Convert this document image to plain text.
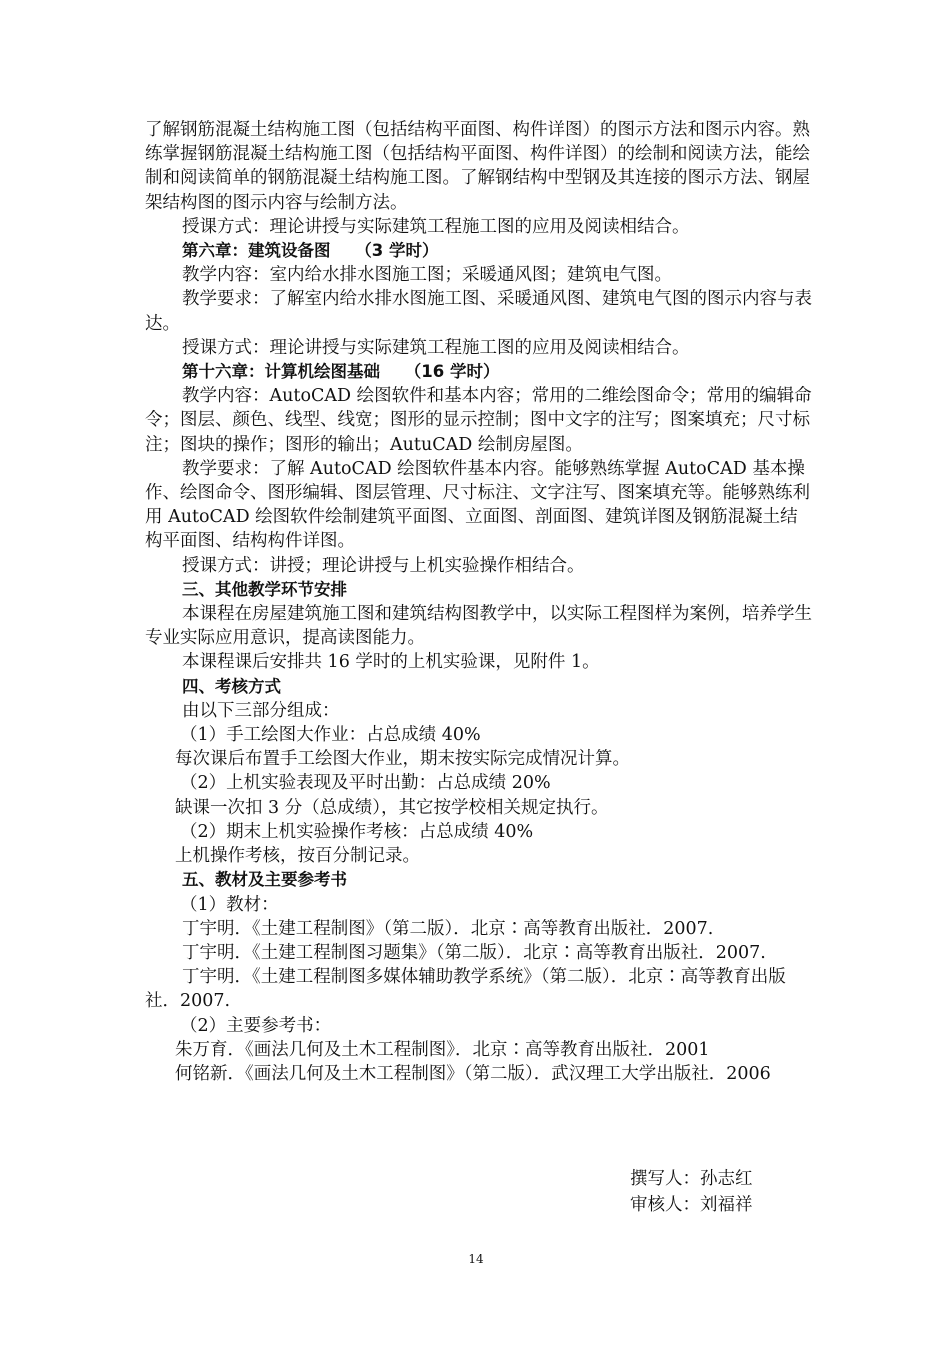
了解钢筋混凝土结构施工图（包括结构平面图、构件详图）的图示方法和图示内容。熟练掌握钢筋混凝土结构施工图（包括结构平面图、构件详图）的绘制和阅读方法，能绘制和阅读简单的钢筋混凝土结构施工图。了解钢结构中型钢及其连接的图示方法、钢屋架结构图的图示内容与绘制方法。

授课方式：理论讲授与实际建筑工程施工图的应用及阅读相结合。

第六章：建筑设备图　　（3 学时）

教学内容：室内给水排水图施工图；采暖通风图；建筑电气图。

教学要求：了解室内给水排水图施工图、采暖通风图、建筑电气图的图示内容与表达。

授课方式：理论讲授与实际建筑工程施工图的应用及阅读相结合。

第十六章：计算机绘图基础　　（16 学时）

教学内容：AutoCAD 绘图软件和基本内容；常用的二维绘图命令；常用的编辑命令；图层、颜色、线型、线宽；图形的显示控制；图中文字的注写；图案填充；尺寸标注；图块的操作；图形的输出；AutuCAD 绘制房屋图。

教学要求：了解 AutoCAD 绘图软件基本内容。能够熟练掌握 AutoCAD 基本操作、绘图命令、图形编辑、图层管理、尺寸标注、文字注写、图案填充等。能够熟练利用 AutoCAD 绘图软件绘制建筑平面图、立面图、剖面图、建筑详图及钢筋混凝土结构平面图、结构构件详图。

授课方式：讲授；理论讲授与上机实验操作相结合。

三、其他教学环节安排

本课程在房屋建筑施工图和建筑结构图教学中，以实际工程图样为案例，培养学生专业实际应用意识，提高读图能力。

本课程课后安排共 16 学时的上机实验课，见附件 1。

四、考核方式

由以下三部分组成：

（1）手工绘图大作业：占总成绩 40%

每次课后布置手工绘图大作业，期末按实际完成情况计算。

（2）上机实验表现及平时出勤：占总成绩 20%

缺课一次扣 3 分（总成绩），其它按学校相关规定执行。

（2）期末上机实验操作考核：占总成绩 40%

上机操作考核，按百分制记录。

五、教材及主要参考书

（1）教材：

丁宇明．《土建工程制图》（第二版）．北京∶高等教育出版社．2007.

丁宇明．《土建工程制图习题集》（第二版）．北京∶高等教育出版社．2007.

丁宇明．《土建工程制图多媒体辅助教学系统》（第二版）．北京∶高等教育出版社．2007.

（2）主要参考书：

朱万育．《画法几何及土木工程制图》．北京∶高等教育出版社．2001

何铭新．《画法几何及土木工程制图》（第二版）．武汉理工大学出版社．2006

撰写人：孙志红

审核人：刘福祥

14
